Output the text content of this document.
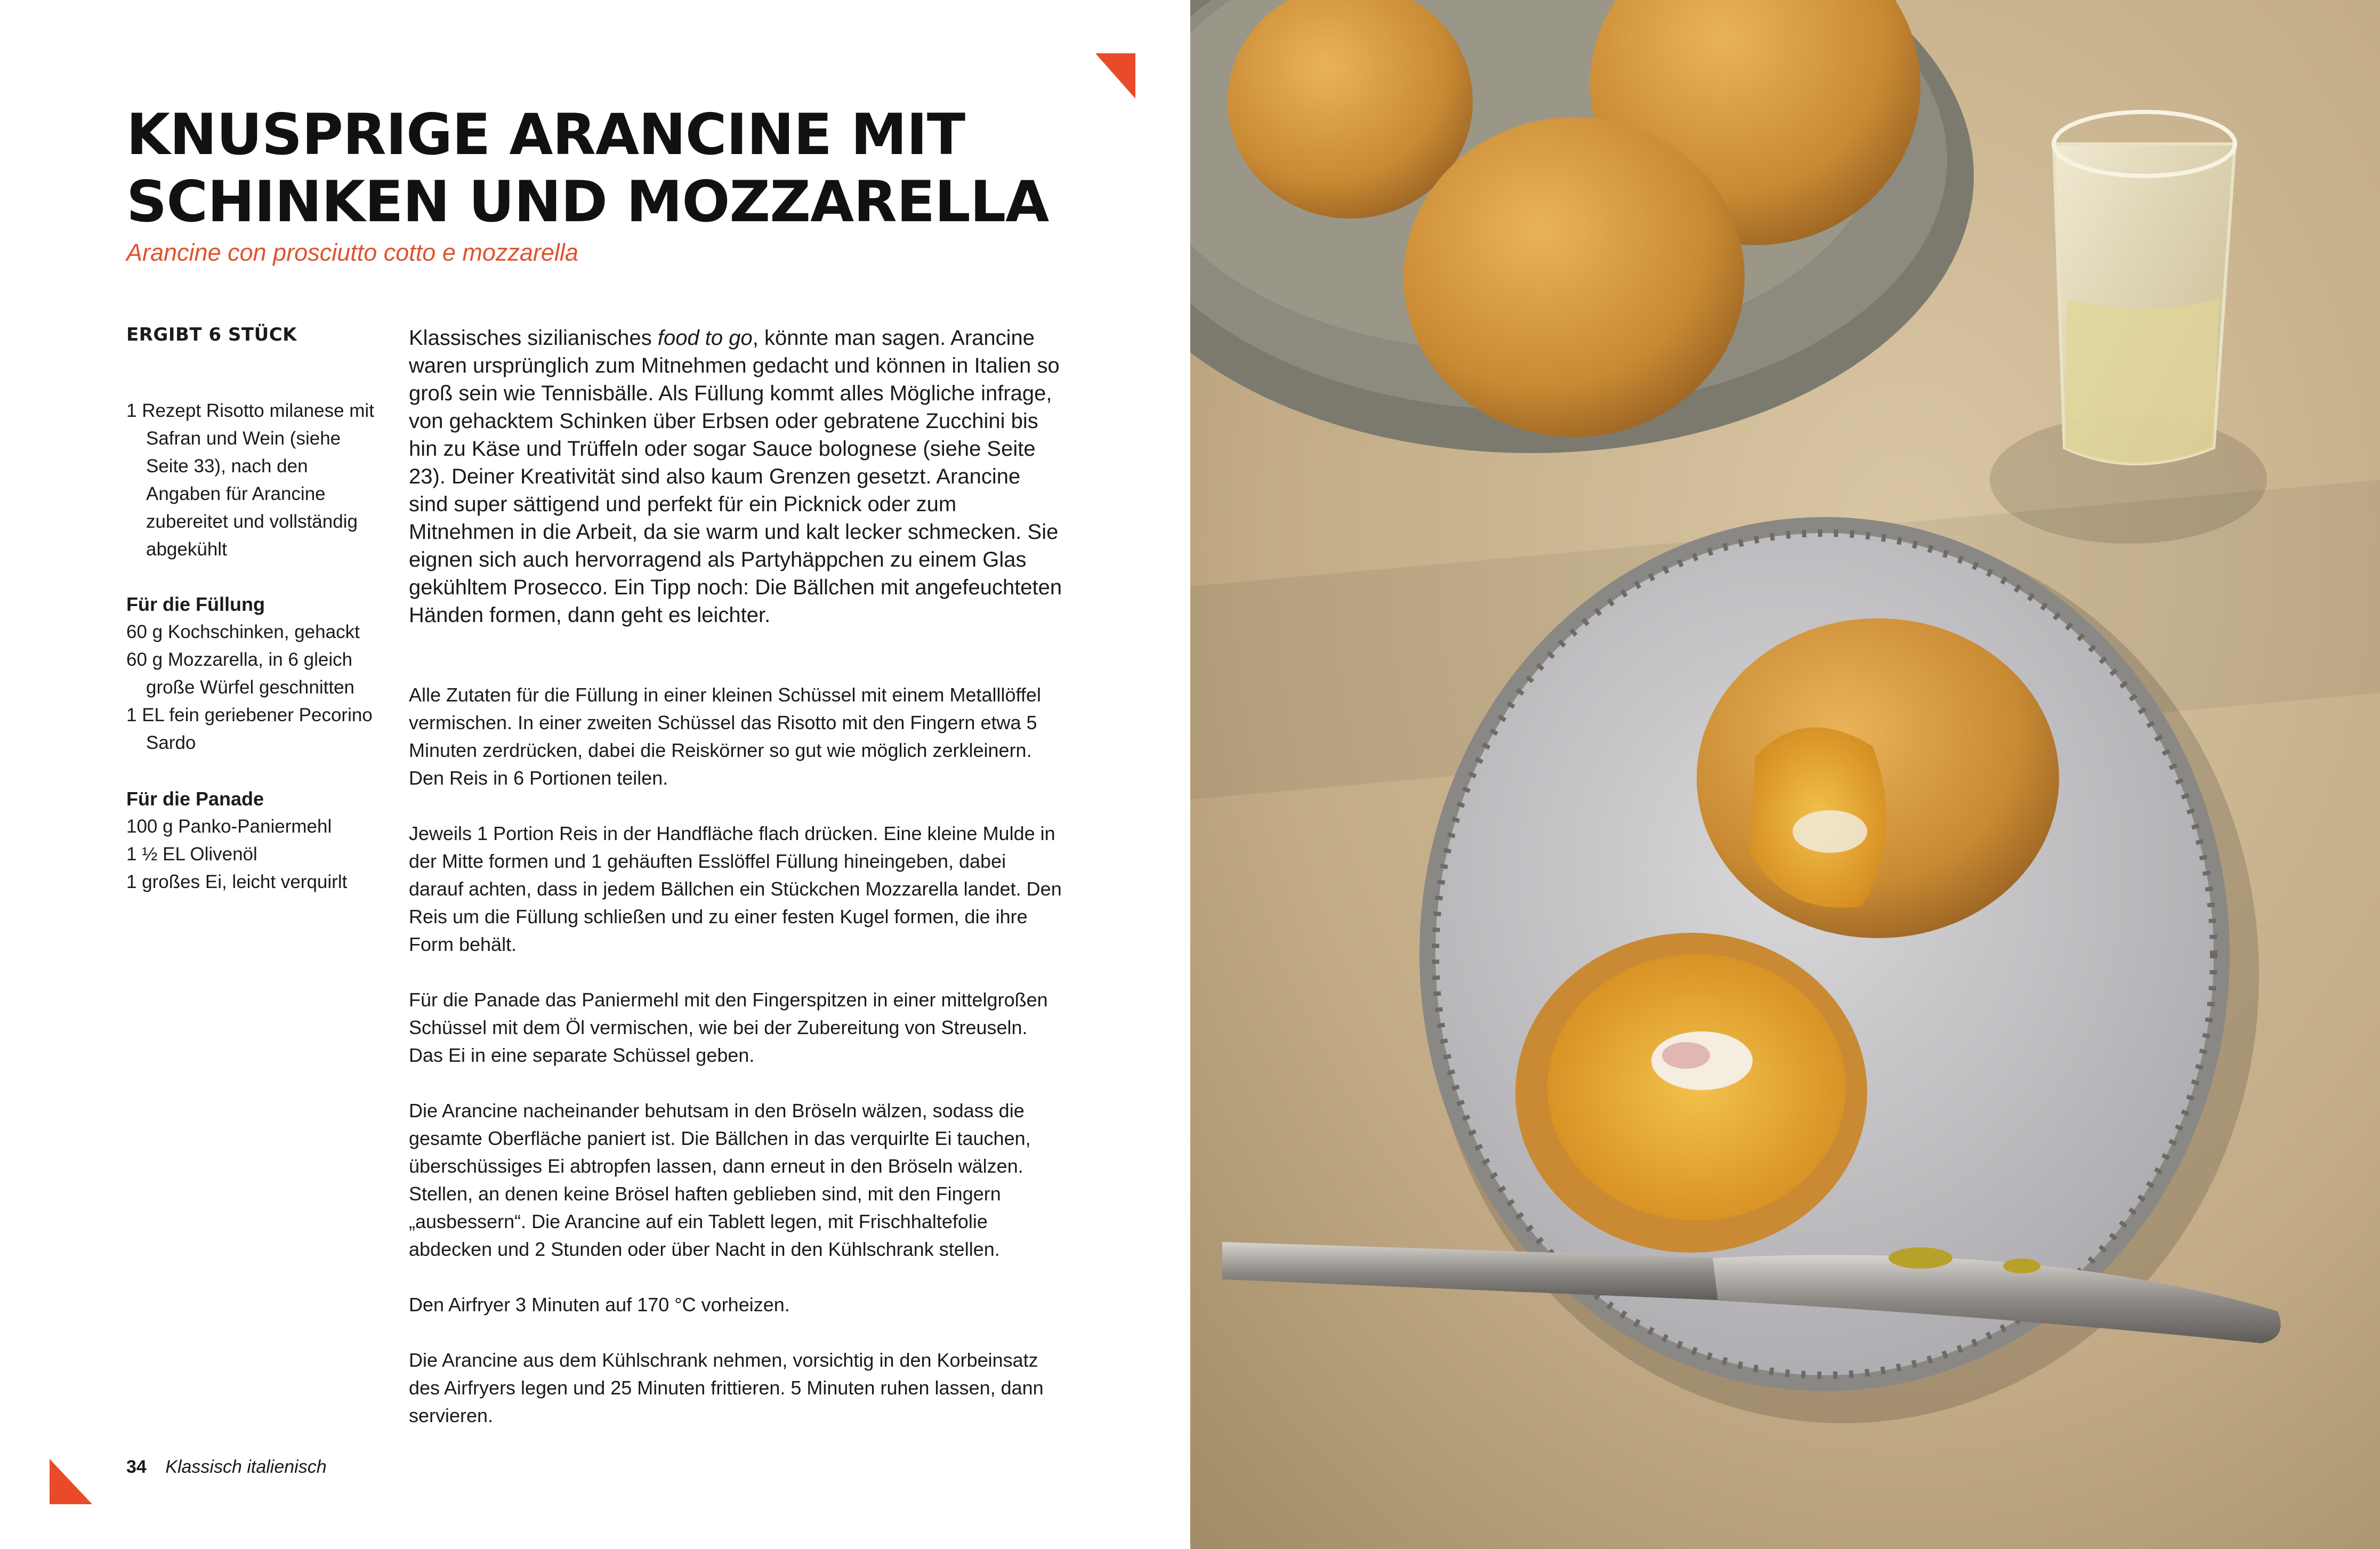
KNUSPRIGE ARANCINE MIT SCHINKEN UND MOZZARELLA
Arancine con prosciutto cotto e mozzarella
ERGIBT 6 STÜCK
1 Rezept Risotto milanese mit Safran und Wein (siehe Seite 33), nach den Angaben für Arancine zubereitet und vollständig abgekühlt
Für die Füllung
60 g Kochschinken, gehackt
60 g Mozzarella, in 6 gleich große Würfel geschnitten
1 EL fein geriebener Pecorino Sardo
Für die Panade
100 g Panko-Paniermehl
1 ½ EL Olivenöl
1 großes Ei, leicht verquirlt

Klassisches sizilianisches food to go, könnte man sagen. Arancine waren ursprünglich zum Mitnehmen gedacht und können in Italien so groß sein wie Tennisbälle. Als Füllung kommt alles Mögliche infrage, von gehacktem Schinken über Erbsen oder gebratene Zucchini bis hin zu Käse und Trüffeln oder sogar Sauce bolognese (siehe Seite 23). Deiner Kreativität sind also kaum Grenzen gesetzt. Arancine sind super sättigend und perfekt für ein Picknick oder zum Mitnehmen in die Arbeit, da sie warm und kalt lecker schmecken. Sie eignen sich auch hervorragend als Partyhäppchen zu einem Glas gekühltem Prosecco. Ein Tipp noch: Die Bällchen mit angefeuchteten Händen formen, dann geht es leichter.

Alle Zutaten für die Füllung in einer kleinen Schüssel mit einem Metalllöffel vermischen. In einer zweiten Schüssel das Risotto mit den Fingern etwa 5 Minuten zerdrücken, dabei die Reiskörner so gut wie möglich zerkleinern. Den Reis in 6 Portionen teilen.

Jeweils 1 Portion Reis in der Handfläche flach drücken. Eine kleine Mulde in der Mitte formen und 1 gehäuften Esslöffel Füllung hineingeben, dabei darauf achten, dass in jedem Bällchen ein Stückchen Mozzarella landet. Den Reis um die Füllung schließen und zu einer festen Kugel formen, die ihre Form behält.

Für die Panade das Paniermehl mit den Fingerspitzen in einer mittelgroßen Schüssel mit dem Öl vermischen, wie bei der Zubereitung von Streuseln. Das Ei in eine separate Schüssel geben.

Die Arancine nacheinander behutsam in den Bröseln wälzen, sodass die gesamte Oberfläche paniert ist. Die Bällchen in das verquirlte Ei tauchen, überschüssiges Ei abtropfen lassen, dann erneut in den Bröseln wälzen. Stellen, an denen keine Brösel haften geblieben sind, mit den Fingern „ausbessern“. Die Arancine auf ein Tablett legen, mit Frischhaltefolie abdecken und 2 Stunden oder über Nacht in den Kühlschrank stellen.

Den Airfryer 3 Minuten auf 170 °C vorheizen.

Die Arancine aus dem Kühlschrank nehmen, vorsichtig in den Korbeinsatz des Airfryers legen und 25 Minuten frittieren. 5 Minuten ruhen lassen, dann servieren.

34 Klassisch italienisch
